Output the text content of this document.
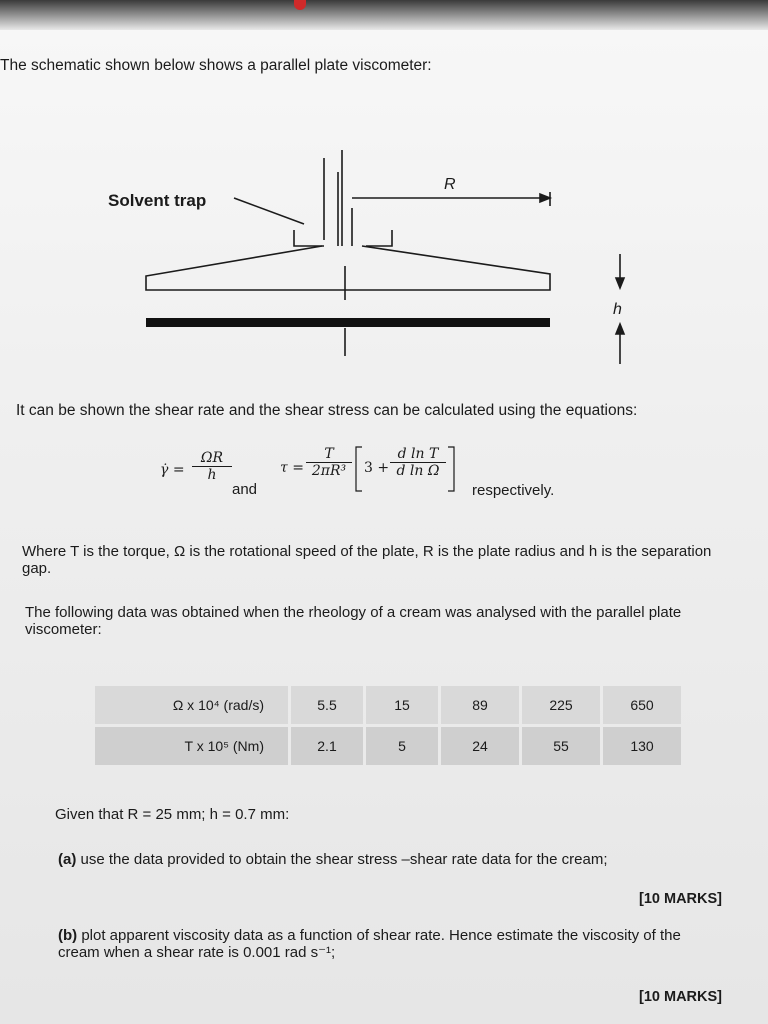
The schematic shown below shows a parallel plate viscometer:
Solvent trap
R
h
It can be shown the shear rate and the shear stress can be calculated using the equations:
γ̇ = $\frac{\Omega R}{h}$
and
$\tau = \frac{T}{\text{2πR³}} 3 + \frac{\text{d ln T}}{\text{d ln Ω}}$
respectively.
Where T is the torque, Ω is the rotational speed of the plate, R is the plate radius and h is the separation gap.
The following data was obtained when the rheology of a cream was analysed with the parallel plate viscometer:
Ω x 10⁴ (rad/s)	5.5	15	89	225	650
T x 10⁵ (Nm)	2.1	5	24	55	130
Given that R = 25 mm; h = 0.7 mm:
(a) use the data provided to obtain the shear stress –shear rate data for the cream;
[10 MARKS]
(b) plot apparent viscosity data as a function of shear rate. Hence estimate the viscosity of the cream when a shear rate is 0.001 rad s⁻¹;
[10 MARKS]
